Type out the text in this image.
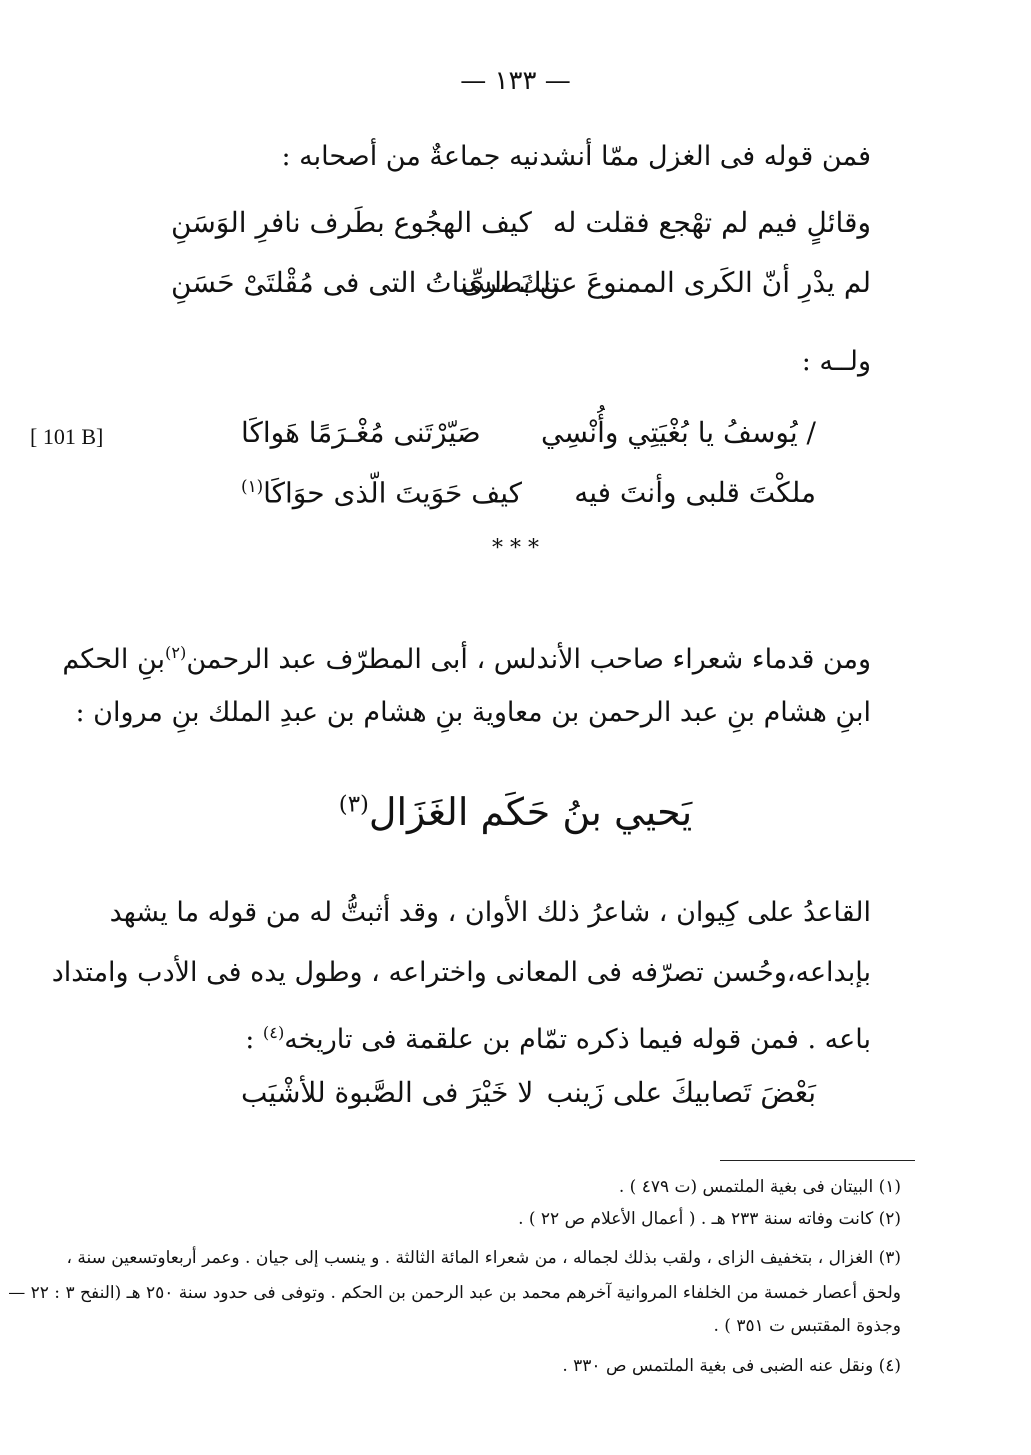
— ١٣٣ —
فمن قوله فى الغزل ممّا أنشدنيه جماعةٌ من أصحابه :
وقائلٍ فيم لم تهْجع فقلت له
كيف الهجُوع بطَرف نافرِ الوَسَنِ
لم يدْرِ أنّ الكَرى الممنوعَ عن بَصرى
تلك السِّناتُ التى فى مُقْلتَىْ حَسَنِ
ولــه :
[ 101 B]	/ يُوسفُ يا بُغْيَتِي وأُنْسِي
صَيّرْتَنى مُغْـرَمًا هَواكَا
ملكْتَ قلبى وأنتَ فيه
كيف حَوَيتَ الّذى حوَاكَا$^{(١)}$
* * *
ومن قدماء شعراء صاحب الأندلس ، أبى المطرّف عبد الرحمن$^{(٢)}$بنِ الحكم
ابنِ هشام بنِ عبد الرحمن بن معاوية بنِ هشام بن عبدِ الملك بنِ مروان :
يَحيي بنُ حَكَم الغَزَال$^{(٣)}$
القاعدُ على كِيوان ، شاعرُ ذلك الأوان ، وقد أثبتُّ له من قوله ما يشهد
بإبداعه،وحُسن تصرّفه فى المعانى واختراعه ، وطول يده فى الأدب وامتداد
باعه . فمن قوله فيما ذكره تمّام بن علقمة فى تاريخه$^{(٤)}$ :
بَعْضَ تَصابيكَ على زَينب
لا خَيْرَ فى الصَّبوة للأشْيَب
(١) البيتان فى بغية الملتمس (ت ٤٧٩ ) .
(٢) كانت وفاته سنة ٢٣٣ هـ . ( أعمال الأعلام ص ٢٢ ) .
(٣) الغزال ، بتخفيف الزاى ، ولقب بذلك لجماله ، من شعراء المائة الثالثة . و ينسب إلى جيان . وعمر أربعاوتسعين سنة ،
ولحق أعصار خمسة من الخلفاء المروانية آخرهم محمد بن عبد الرحمن بن الحكم . وتوفى فى حدود سنة ٢٥٠ هـ (النفح ٣ : ٢٢ —
وجذوة المقتبس ت ٣٥١ ) .
(٤) ونقل عنه الضبى فى بغية الملتمس ص ٣٣٠ .
